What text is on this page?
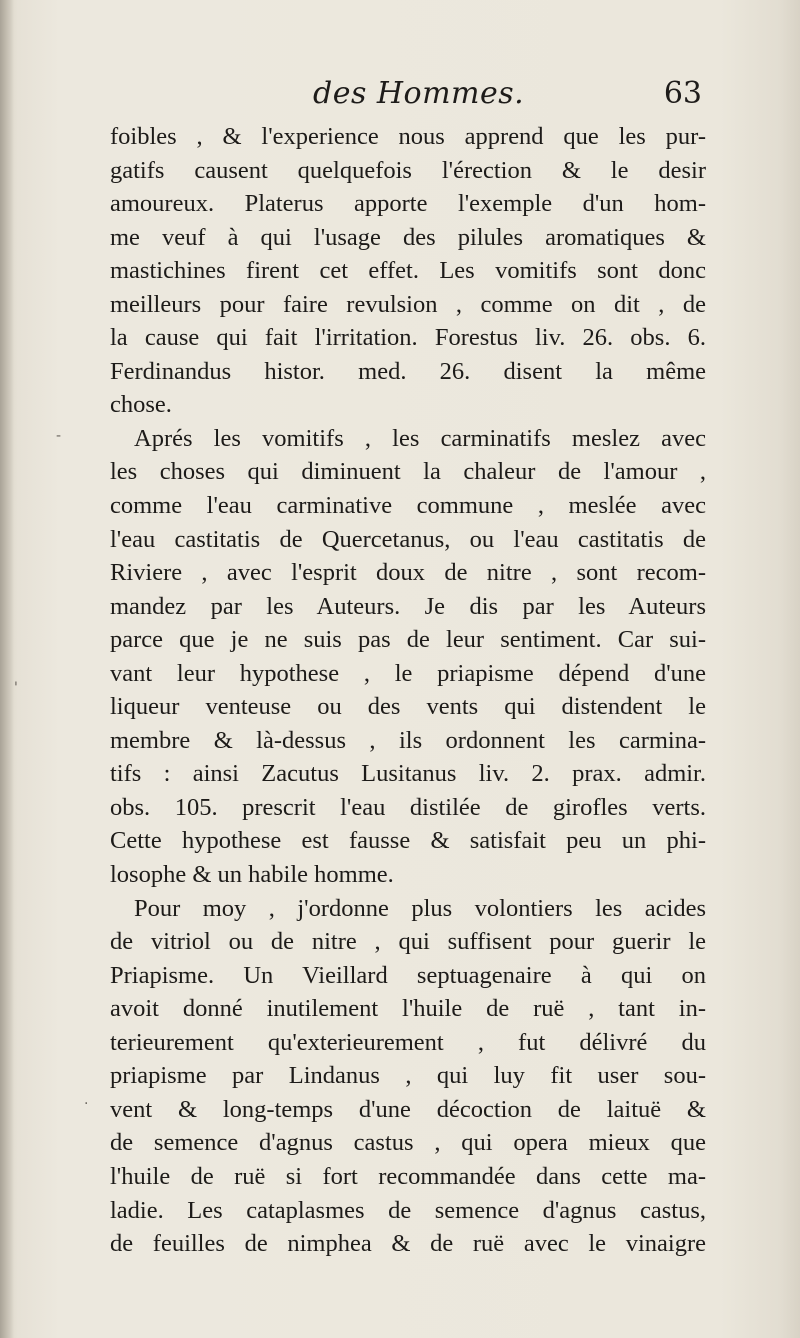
des Hommes.	63
-
'
.
foibles , & l'experience nous apprend que les pur-
gatifs causent quelquefois l'érection & le desir
amoureux. Platerus apporte l'exemple d'un hom-
me veuf à qui l'usage des pilules aromatiques &
mastichines firent cet effet. Les vomitifs sont donc
meilleurs pour faire revulsion , comme on dit , de
la cause qui fait l'irritation. Forestus liv. 26. obs. 6.
Ferdinandus histor. med. 26. disent la même
chose.
Aprés les vomitifs , les carminatifs meslez avec
les choses qui diminuent la chaleur de l'amour ,
comme l'eau carminative commune , meslée avec
l'eau castitatis de Quercetanus, ou l'eau castitatis de
Riviere , avec l'esprit doux de nitre , sont recom-
mandez par les Auteurs. Je dis par les Auteurs
parce que je ne suis pas de leur sentiment. Car sui-
vant leur hypothese , le priapisme dépend d'une
liqueur venteuse ou des vents qui distendent le
membre & là-dessus , ils ordonnent les carmina-
tifs : ainsi Zacutus Lusitanus liv. 2. prax. admir.
obs. 105. prescrit l'eau distilée de girofles verts.
Cette hypothese est fausse & satisfait peu un phi-
losophe & un habile homme.
Pour moy , j'ordonne plus volontiers les acides
de vitriol ou de nitre , qui suffisent pour guerir le
Priapisme. Un Vieillard septuagenaire à qui on
avoit donné inutilement l'huile de ruë , tant in-
terieurement qu'exterieurement , fut délivré du
priapisme par Lindanus , qui luy fit user sou-
vent & long-temps d'une décoction de laituë &
de semence d'agnus castus , qui opera mieux que
l'huile de ruë si fort recommandée dans cette ma-
ladie. Les cataplasmes de semence d'agnus castus,
de feuilles de nimphea & de ruë avec le vinaigre
